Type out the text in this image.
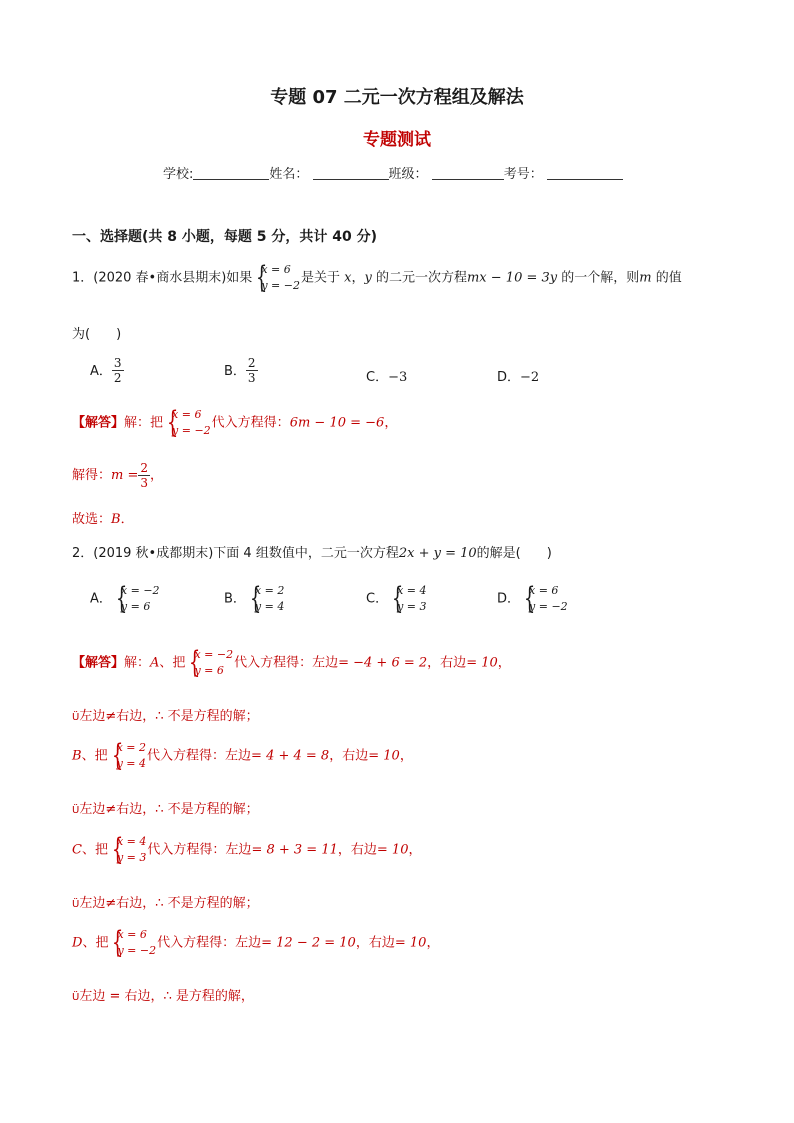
专题 07 二元一次方程组及解法
专题测试
学校:	姓名：	班级：	考号：
一、选择题(共 8 小题，每题 5 分，共计 40 分)
1．(2020 春•商水县期末)如果
{ x = 6
y = −2 是关于 x，y 的二元一次方程mx − 10 = 3y 的一个解，则m 的值
为(　　)
A． $\frac{3}{2}$	B． $\frac{2}{3}$	C．−3	D．−2
【解答】解：把
{ x = 6
y = −2 代入方程得：6m − 10 = −6，
解得：$m = \frac{2}{3}$ ，
故选：B．
2．(2019 秋•成都期末)下面 4 组数值中，二元一次方程2x + y = 10的解是(　　)
A．
{ x = −2
y = 6	B．
{ x = 2
y = 4	C．
{ x = 4
y = 3	D．
{ x = 6
y = −2
【解答】解：A、把
{ x = −2
y = 6 代入方程得：左边= −4 + 6 = 2，右边= 10，
Ü左边≠右边，∴ 不是方程的解；
B、把
{ x = 2
y = 4 代入方程得：左边= 4 + 4 = 8，右边= 10，
Ü左边≠右边，∴ 不是方程的解；
C、把
{ x = 4
y = 3 代入方程得：左边= 8 + 3 = 11，右边= 10，
Ü左边≠右边，∴ 不是方程的解；
D、把
{ x = 6
y = −2 代入方程得：左边= 12 − 2 = 10，右边= 10，
Ü左边 = 右边，∴ 是方程的解，
